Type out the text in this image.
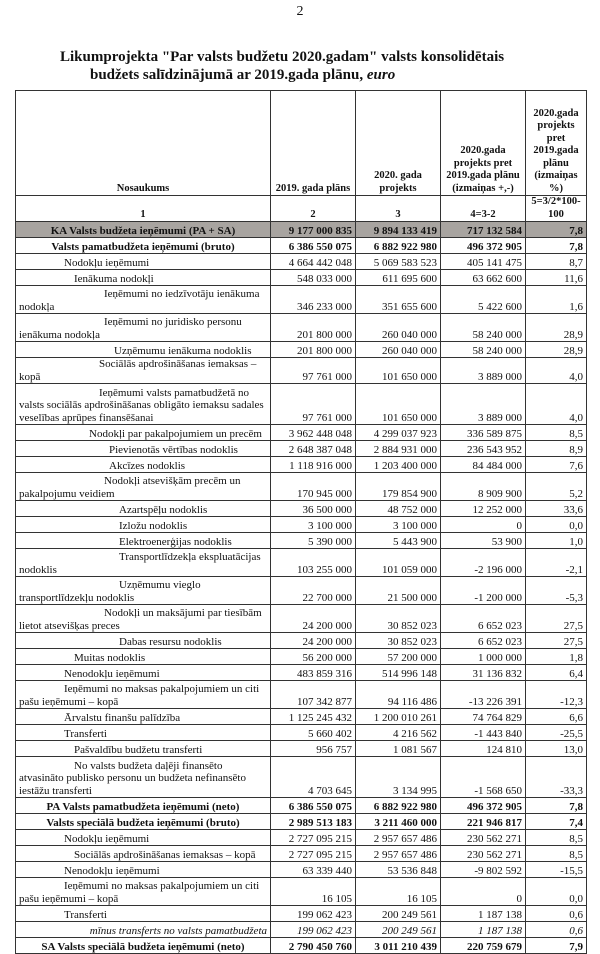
2
Likumprojekta "Par valsts budžetu 2020.gadam" valsts konsolidētais
budžets salīdzinājumā ar 2019.gada plānu, euro
Nosaukums	2019. gada plāns	2020. gada projekts	2020.gada projekts pret 2019.gada plānu (izmaiņas +,-)	2020.gada projekts pret 2019.gada plānu (izmaiņas %)
1	2	3	4=3-2	5=3/2*100-100
KA Valsts budžeta ieņēmumi (PA + SA)	9 177 000 835	9 894 133 419	717 132 584	7,8
Valsts pamatbudžeta ieņēmumi (bruto)	6 386 550 075	6 882 922 980	496 372 905	7,8
Nodokļu ieņēmumi	4 664 442 048	5 069 583 523	405 141 475	8,7
Ienākuma nodokļi	548 033 000	611 695 600	63 662 600	11,6
Ieņēmumi no iedzīvotāju ienākuma nodokļa	346 233 000	351 655 600	5 422 600	1,6
Ieņēmumi no juridisko personu ienākuma nodokļa	201 800 000	260 040 000	58 240 000	28,9
Uzņēmumu ienākuma nodoklis	201 800 000	260 040 000	58 240 000	28,9
Sociālās apdrošināšanas iemaksas – kopā	97 761 000	101 650 000	3 889 000	4,0
Ieņēmumi valsts pamatbudžetā no valsts sociālās apdrošināšanas obligāto iemaksu sadales veselības aprūpes finansēšanai	97 761 000	101 650 000	3 889 000	4,0
Nodokļi par pakalpojumiem un precēm	3 962 448 048	4 299 037 923	336 589 875	8,5
Pievienotās vērtības nodoklis	2 648 387 048	2 884 931 000	236 543 952	8,9
Akcīzes nodoklis	1 118 916 000	1 203 400 000	84 484 000	7,6
Nodokļi atsevišķām precēm un pakalpojumu veidiem	170 945 000	179 854 900	8 909 900	5,2
Azartspēļu nodoklis	36 500 000	48 752 000	12 252 000	33,6
Izložu nodoklis	3 100 000	3 100 000	0	0,0
Elektroenerģijas nodoklis	5 390 000	5 443 900	53 900	1,0
Transportlīdzekļa ekspluatācijas nodoklis	103 255 000	101 059 000	-2 196 000	-2,1
Uzņēmumu vieglo transportlīdzekļu nodoklis	22 700 000	21 500 000	-1 200 000	-5,3
Nodokļi un maksājumi par tiesībām lietot atsevišķas preces	24 200 000	30 852 023	6 652 023	27,5
Dabas resursu nodoklis	24 200 000	30 852 023	6 652 023	27,5
Muitas nodoklis	56 200 000	57 200 000	1 000 000	1,8
Nenodokļu ieņēmumi	483 859 316	514 996 148	31 136 832	6,4
Ieņēmumi no maksas pakalpojumiem un citi pašu ieņēmumi – kopā	107 342 877	94 116 486	-13 226 391	-12,3
Ārvalstu finanšu palīdzība	1 125 245 432	1 200 010 261	74 764 829	6,6
Transferti	5 660 402	4 216 562	-1 443 840	-25,5
Pašvaldību budžetu transferti	956 757	1 081 567	124 810	13,0
No valsts budžeta daļēji finansēto atvasināto publisko personu un budžeta nefinansēto iestāžu transferti	4 703 645	3 134 995	-1 568 650	-33,3
PA Valsts pamatbudžeta ieņēmumi (neto)	6 386 550 075	6 882 922 980	496 372 905	7,8
Valsts speciālā budžeta ieņēmumi (bruto)	2 989 513 183	3 211 460 000	221 946 817	7,4
Nodokļu ieņēmumi	2 727 095 215	2 957 657 486	230 562 271	8,5
Sociālās apdrošināšanas iemaksas – kopā	2 727 095 215	2 957 657 486	230 562 271	8,5
Nenodokļu ieņēmumi	63 339 440	53 536 848	-9 802 592	-15,5
Ieņēmumi no maksas pakalpojumiem un citi pašu ieņēmumi – kopā	16 105	16 105	0	0,0
Transferti	199 062 423	200 249 561	1 187 138	0,6
mīnus transferts no valsts pamatbudžeta	199 062 423	200 249 561	1 187 138	0,6
SA Valsts speciālā budžeta ieņēmumi (neto)	2 790 450 760	3 011 210 439	220 759 679	7,9
